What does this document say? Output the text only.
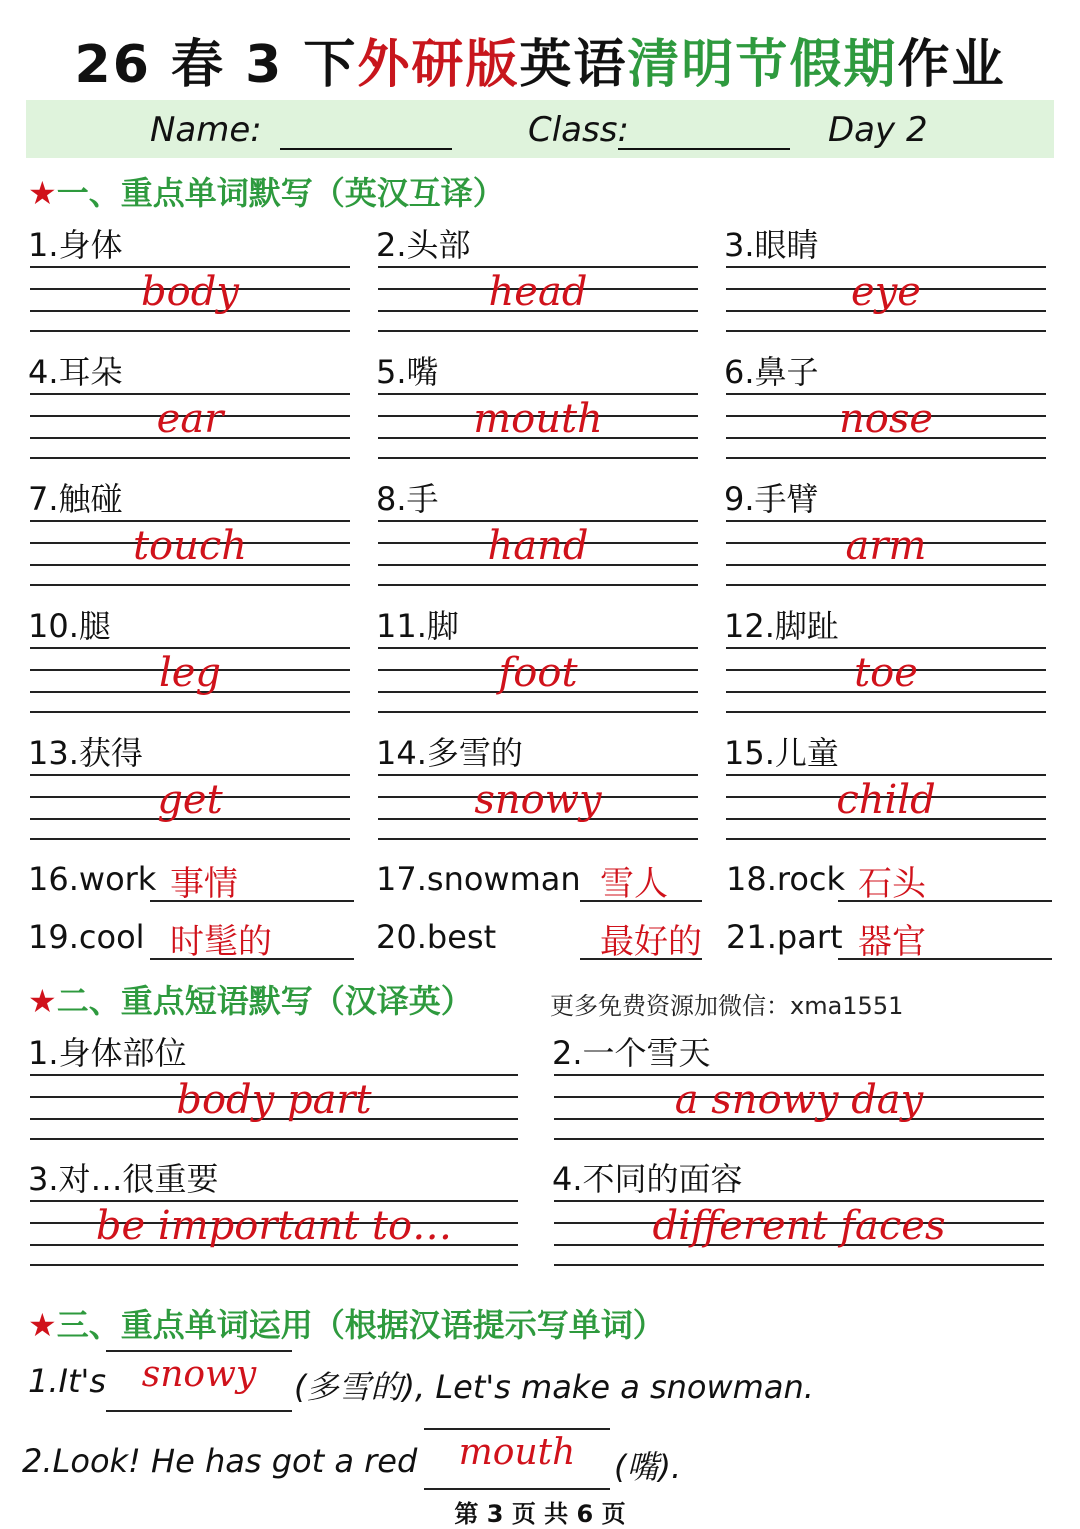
26 春 3 下外研版英语清明节假期作业
Name:	Class:	Day 2
★一、重点单词默写（英汉互译）
1.身体
body
2.头部
head
3.眼睛
eye
4.耳朵
ear
5.嘴
mouth
6.鼻子
nose
7.触碰
touch
8.手
hand
9.手臂
arm
10.腿
leg
11.脚
foot
12.脚趾
toe
13.获得
get
14.多雪的
snowy
15.儿童
child
16.work 事情	17.snowman 雪人 18.rock 石头
19.cool 时髦的	20.best	最好的 21.part 器官
★二、重点短语默写（汉译英）	更多免费资源加微信：xma1551
1.身体部位
body part
2.一个雪天
a snowy day
3.对…很重要
be important to…
4.不同的面容
different faces
★三、重点单词运用（根据汉语提示写单词）
1.It's snowy	(多雪的), Let's make a snowman.
2.Look! He has got a red	mouth	(嘴).
第 3 页 共 6 页
